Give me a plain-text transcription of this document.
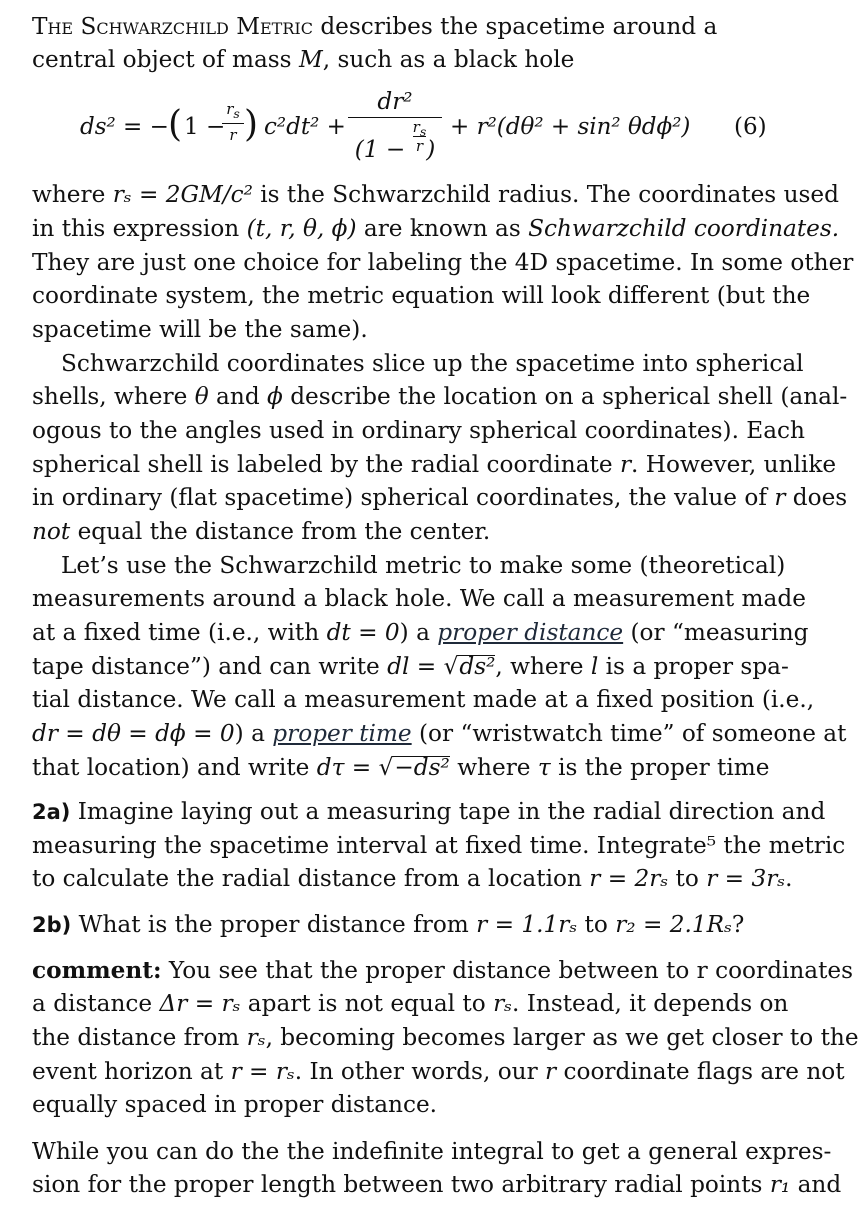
The Schwarzchild Metric describes the spacetime around a
central object of mass M, such as a black hole
ds² = − ( 1 −
$\frac{r_s}{r}$ ) c²dt² +
dr²
($1 - r_s$
r )
+ r²(dθ² + sin² θdϕ²) (6)
where rₛ = 2GM/c² is the Schwarzchild radius. The coordinates used
in this expression (t, r, θ, ϕ) are known as Schwarzchild coordinates.
They are just one choice for labeling the 4D spacetime. In some other
coordinate system, the metric equation will look different (but the
spacetime will be the same).
Schwarzchild coordinates slice up the spacetime into spherical
shells, where θ and ϕ describe the location on a spherical shell (anal-
ogous to the angles used in ordinary spherical coordinates). Each
spherical shell is labeled by the radial coordinate r. However, unlike
in ordinary (flat spacetime) spherical coordinates, the value of r does
not equal the distance from the center.
Let’s use the Schwarzchild metric to make some (theoretical)
measurements around a black hole. We call a measurement made
at a fixed time (i.e., with dt = 0) a proper distance (or “measuring
tape distance”) and can write dl = √ds², where l is a proper spa-
tial distance. We call a measurement made at a fixed position (i.e.,
dr = dθ = dϕ = 0) a proper time (or “wristwatch time” of someone at
that location) and write dτ = √−ds² where τ is the proper time
2a) Imagine laying out a measuring tape in the radial direction and
measuring the spacetime interval at fixed time. Integrate⁵ the metric
to calculate the radial distance from a location r = 2rₛ to r = 3rₛ.
2b) What is the proper distance from r = 1.1rₛ to r₂ = 2.1Rₛ?
comment: You see that the proper distance between to r coordinates
a distance Δr = rₛ apart is not equal to rₛ. Instead, it depends on
the distance from rₛ, becoming becomes larger as we get closer to the
event horizon at r = rₛ. In other words, our r coordinate flags are not
equally spaced in proper distance.
While you can do the the indefinite integral to get a general expres-
sion for the proper length between two arbitrary radial points r₁ and
